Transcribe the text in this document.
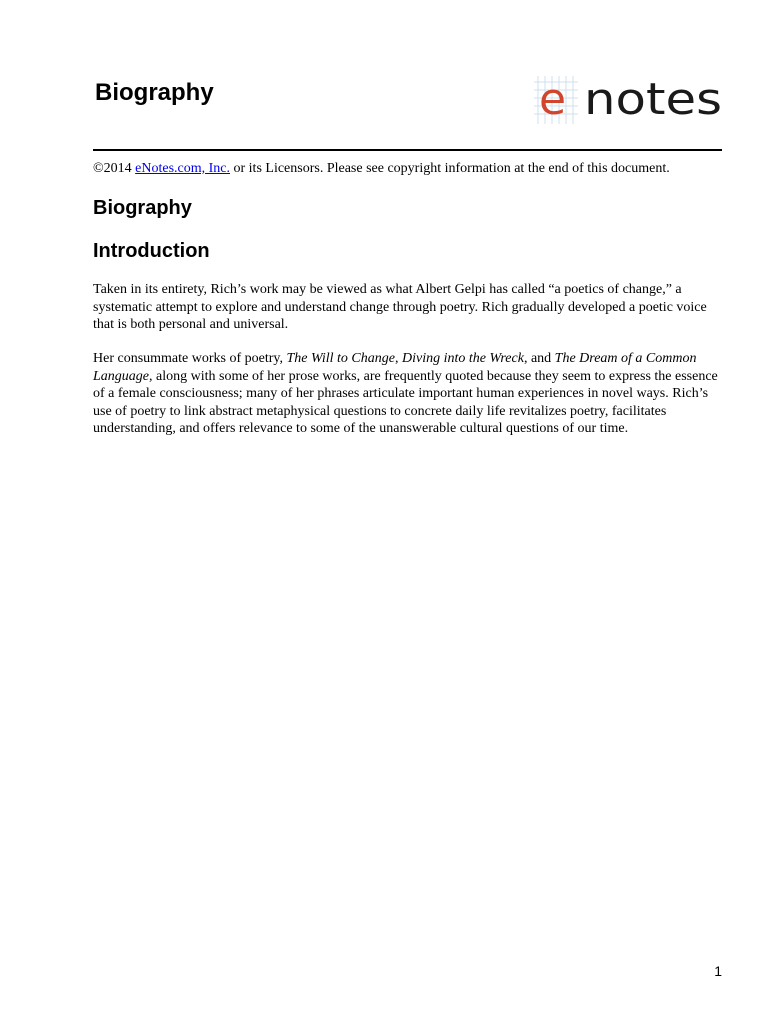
Biography	e notes
©2014 eNotes.com, Inc. or its Licensors. Please see copyright information at the end of this document.
Biography
Introduction

Taken in its entirety, Rich’s work may be viewed as what Albert Gelpi has called “a poetics of change,” a systematic attempt to explore and understand change through poetry. Rich gradually developed a poetic voice that is both personal and universal.

Her consummate works of poetry, The Will to Change, Diving into the Wreck, and The Dream of a Common Language, along with some of her prose works, are frequently quoted because they seem to express the essence of a female consciousness; many of her phrases articulate important human experiences in novel ways. Rich’s use of poetry to link abstract metaphysical questions to concrete daily life revitalizes poetry, facilitates understanding, and offers relevance to some of the unanswerable cultural questions of our time.

1
